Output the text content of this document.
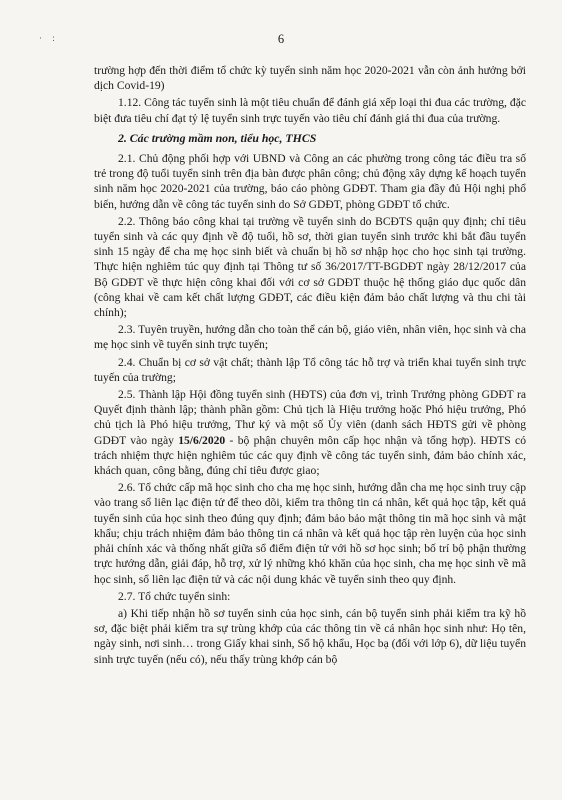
· :	6

trường hợp đến thời điểm tổ chức kỳ tuyển sinh năm học 2020-2021 vẫn còn ảnh hưởng bởi dịch Covid-19)

1.12. Công tác tuyển sinh là một tiêu chuẩn để đánh giá xếp loại thi đua các trường, đặc biệt đưa tiêu chí đạt tỷ lệ tuyển sinh trực tuyến vào tiêu chí đánh giá thi đua của trường.

2. Các trường mầm non, tiểu học, THCS

2.1. Chủ động phối hợp với UBND và Công an các phường trong công tác điều tra số trẻ trong độ tuổi tuyển sinh trên địa bàn được phân công; chủ động xây dựng kế hoạch tuyển sinh năm học 2020-2021 của trường, báo cáo phòng GDĐT. Tham gia đầy đủ Hội nghị phổ biến, hướng dẫn về công tác tuyển sinh do Sở GDĐT, phòng GDĐT tổ chức.

2.2. Thông báo công khai tại trường về tuyển sinh do BCĐTS quận quy định; chỉ tiêu tuyển sinh và các quy định về độ tuổi, hồ sơ, thời gian tuyển sinh trước khi bắt đầu tuyển sinh 15 ngày để cha mẹ học sinh biết và chuẩn bị hồ sơ nhập học cho học sinh tại trường. Thực hiện nghiêm túc quy định tại Thông tư số 36/2017/TT-BGDĐT ngày 28/12/2017 của Bộ GDĐT về thực hiện công khai đối với cơ sở GDĐT thuộc hệ thống giáo dục quốc dân (công khai về cam kết chất lượng GDĐT, các điều kiện đảm bảo chất lượng và thu chi tài chính);

2.3. Tuyên truyền, hướng dẫn cho toàn thể cán bộ, giáo viên, nhân viên, học sinh và cha mẹ học sinh về tuyển sinh trực tuyến;

2.4. Chuẩn bị cơ sở vật chất; thành lập Tổ công tác hỗ trợ và triển khai tuyển sinh trực tuyến của trường;

2.5. Thành lập Hội đồng tuyển sinh (HĐTS) của đơn vị, trình Trưởng phòng GDĐT ra Quyết định thành lập; thành phần gồm: Chủ tịch là Hiệu trưởng hoặc Phó hiệu trưởng, Phó chủ tịch là Phó hiệu trưởng, Thư ký và một số Ủy viên (danh sách HĐTS gửi về phòng GDĐT vào ngày 15/6/2020 - bộ phận chuyên môn cấp học nhận và tổng hợp). HĐTS có trách nhiệm thực hiện nghiêm túc các quy định về công tác tuyển sinh, đảm bảo chính xác, khách quan, công bằng, đúng chỉ tiêu được giao;

2.6. Tổ chức cấp mã học sinh cho cha mẹ học sinh, hướng dẫn cha mẹ học sinh truy cập vào trang sổ liên lạc điện tử để theo dõi, kiểm tra thông tin cá nhân, kết quả học tập, kết quả tuyển sinh của học sinh theo đúng quy định; đảm bảo bảo mật thông tin mã học sinh và mật khẩu; chịu trách nhiệm đảm bảo thông tin cá nhân và kết quả học tập rèn luyện của học sinh phải chính xác và thống nhất giữa sổ điểm điện tử với hồ sơ học sinh; bố trí bộ phận thường trực hướng dẫn, giải đáp, hỗ trợ, xử lý những khó khăn của học sinh, cha mẹ học sinh về mã học sinh, sổ liên lạc điện tử và các nội dung khác về tuyển sinh theo quy định.

2.7. Tổ chức tuyển sinh:

a) Khi tiếp nhận hồ sơ tuyển sinh của học sinh, cán bộ tuyển sinh phải kiểm tra kỹ hồ sơ, đặc biệt phải kiểm tra sự trùng khớp của các thông tin về cá nhân học sinh như: Họ tên, ngày sinh, nơi sinh… trong Giấy khai sinh, Sổ hộ khẩu, Học bạ (đối với lớp 6), dữ liệu tuyển sinh trực tuyến (nếu có), nếu thấy trùng khớp cán bộ
